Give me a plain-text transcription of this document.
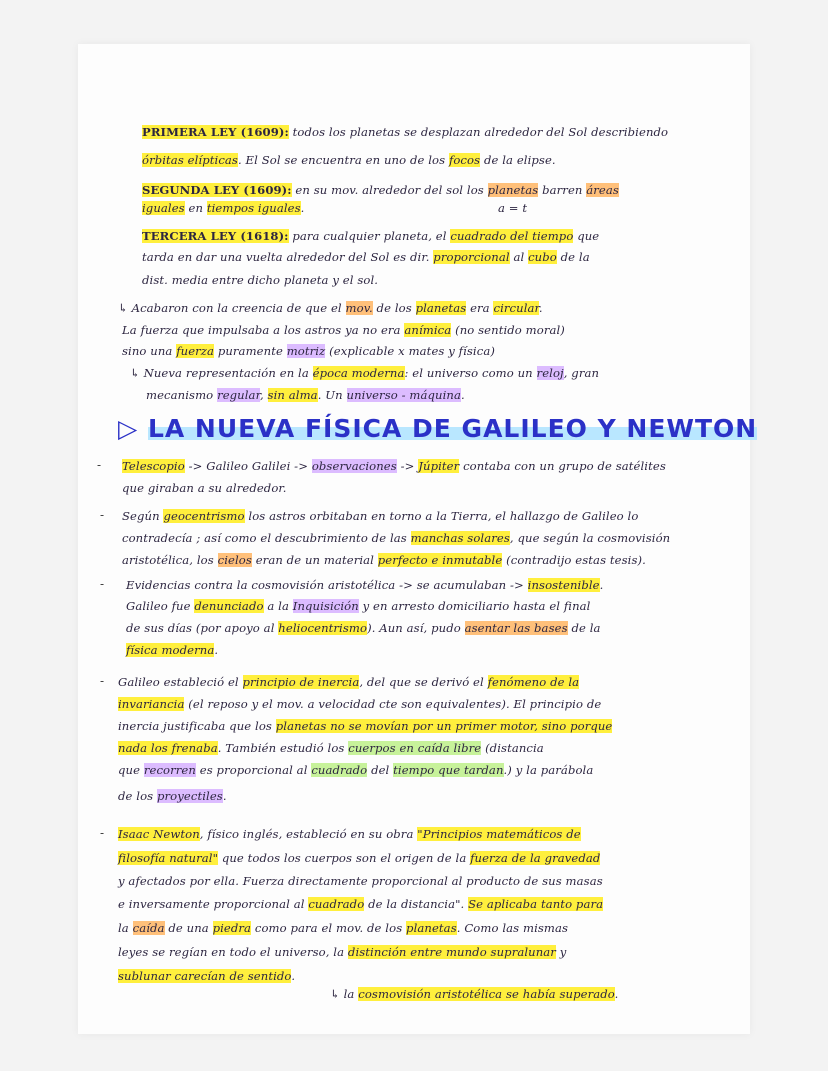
PRIMERA LEY (1609): todos los planetas se desplazan alrededor del Sol describiendo
órbitas elípticas. El Sol se encuentra en uno de los focos de la elipse.
SEGUNDA LEY (1609): en su mov. alrededor del sol los planetas barren áreas
iguales en tiempos iguales.	a = t
TERCERA LEY (1618): para cualquier planeta, el cuadrado del tiempo que
tarda en dar una vuelta alrededor del Sol es dir. proporcional al cubo de la
dist. media entre dicho planeta y el sol.
↳ Acabaron con la creencia de que el mov. de los planetas era circular.
La fuerza que impulsaba a los astros ya no era anímica (no sentido moral)
sino una fuerza puramente motriz (explicable x mates y física)
↳ Nueva representación en la época moderna: el universo como un reloj, gran
mecanismo regular, sin alma. Un universo - máquina.
▷ LA NUEVA FÍSICA DE GALILEO Y NEWTON
- Telescopio -> Galileo Galilei -> observaciones -> Júpiter contaba con un grupo de satélites
que giraban a su alrededor.
- Según geocentrismo los astros orbitaban en torno a la Tierra, el hallazgo de Galileo lo
contradecía ; así como el descubrimiento de las manchas solares, que según la cosmovisión
aristotélica, los cielos eran de un material perfecto e inmutable (contradijo estas tesis).
- Evidencias contra la cosmovisión aristotélica -> se acumulaban -> insostenible.
Galileo fue denunciado a la Inquisición y en arresto domiciliario hasta el final
de sus días (por apoyo al heliocentrismo). Aun así, pudo asentar las bases de la
física moderna.
- Galileo estableció el principio de inercia, del que se derivó el fenómeno de la
invariancia (el reposo y el mov. a velocidad cte son equivalentes). El principio de
inercia justificaba que los planetas no se movían por un primer motor, sino porque
nada los frenaba. También estudió los cuerpos en caída libre (distancia
que recorren es proporcional al cuadrado del tiempo que tardan.) y la parábola
de los proyectiles.
- Isaac Newton, físico inglés, estableció en su obra "Principios matemáticos de
filosofía natural" que todos los cuerpos son el origen de la fuerza de la gravedad
y afectados por ella. Fuerza directamente proporcional al producto de sus masas
e inversamente proporcional al cuadrado de la distancia". Se aplicaba tanto para
la caída de una piedra como para el mov. de los planetas. Como las mismas
leyes se regían en todo el universo, la distinción entre mundo supralunar y
sublunar carecían de sentido.
↳ la cosmovisión aristotélica se había superado.
